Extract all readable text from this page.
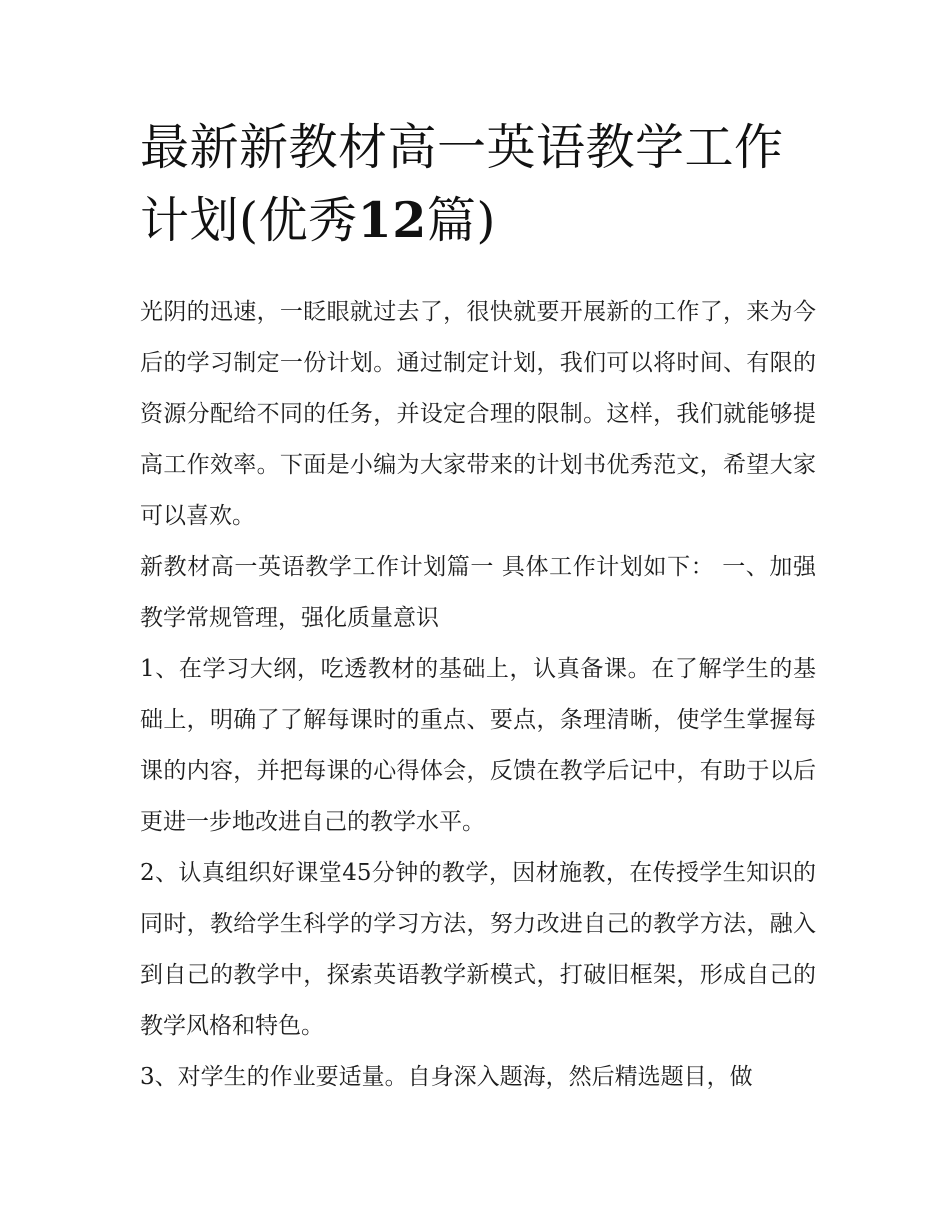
最新新教材高一英语教学工作计划(优秀12篇)

光阴的迅速，一眨眼就过去了，很快就要开展新的工作了，来为今后的学习制定一份计划。通过制定计划，我们可以将时间、有限的资源分配给不同的任务，并设定合理的限制。这样，我们就能够提高工作效率。下面是小编为大家带来的计划书优秀范文，希望大家可以喜欢。

新教材高一英语教学工作计划篇一 具体工作计划如下： 一、加强教学常规管理，强化质量意识

1、在学习大纲，吃透教材的基础上，认真备课。在了解学生的基础上，明确了了解每课时的重点、要点，条理清晰，使学生掌握每课的内容，并把每课的心得体会，反馈在教学后记中，有助于以后更进一步地改进自己的教学水平。

2、认真组织好课堂45分钟的教学，因材施教，在传授学生知识的同时，教给学生科学的学习方法，努力改进自己的教学方法，融入到自己的教学中，探索英语教学新模式，打破旧框架，形成自己的教学风格和特色。

3、对学生的作业要适量。自身深入题海，然后精选题目，做
